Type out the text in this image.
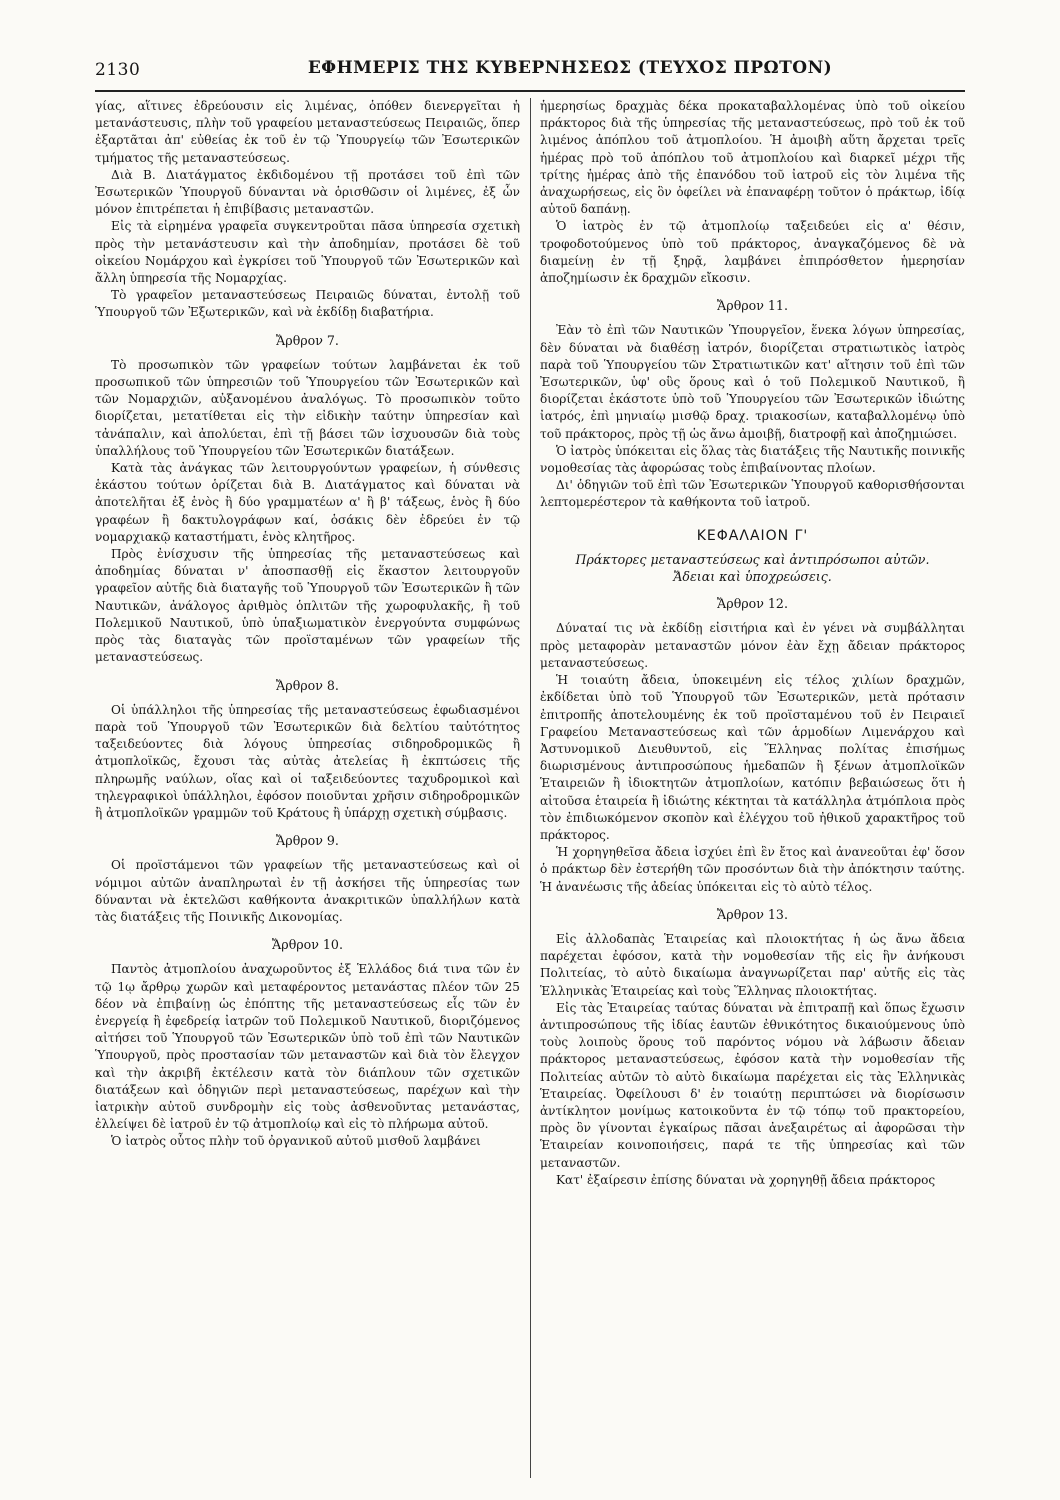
2130	ΕΦΗΜΕΡΙΣ ΤΗΣ ΚΥΒΕΡΝΗΣΕΩΣ (ΤΕΥΧΟΣ ΠΡΩΤΟΝ)

γίας, αἵτινες ἐδρεύουσιν εἰς λιμένας, ὁπόθεν διενεργεῖται ἡ μετανάστευσις, πλὴν τοῦ γραφείου μεταναστεύσεως Πειραιῶς, ὅπερ ἐξαρτᾶται ἀπ' εὐθείας ἐκ τοῦ ἐν τῷ Ὑπουργείῳ τῶν Ἐσωτερικῶν τμήματος τῆς μεταναστεύσεως.

Διὰ Β. Διατάγματος ἐκδιδομένου τῇ προτάσει τοῦ ἐπὶ τῶν Ἐσωτερικῶν Ὑπουργοῦ δύνανται νὰ ὁρισθῶσιν οἱ λιμένες, ἐξ ὧν μόνον ἐπιτρέπεται ἡ ἐπιβίβασις μεταναστῶν.

Εἰς τὰ εἰρημένα γραφεῖα συγκεντροῦται πᾶσα ὑπηρεσία σχετικὴ πρὸς τὴν μετανάστευσιν καὶ τὴν ἀποδημίαν, προτάσει δὲ τοῦ οἰκείου Νομάρχου καὶ ἐγκρίσει τοῦ Ὑπουργοῦ τῶν Ἐσωτερικῶν καὶ ἄλλη ὑπηρεσία τῆς Νομαρχίας.

Τὸ γραφεῖον μεταναστεύσεως Πειραιῶς δύναται, ἐντολῇ τοῦ Ὑπουργοῦ τῶν Ἐξωτερικῶν, καὶ νὰ ἐκδίδῃ διαβατήρια.

Ἄρθρον 7.

Τὸ προσωπικὸν τῶν γραφείων τούτων λαμβάνεται ἐκ τοῦ προσωπικοῦ τῶν ὑπηρεσιῶν τοῦ Ὑπουργείου τῶν Ἐσωτερικῶν καὶ τῶν Νομαρχιῶν, αὐξανομένου ἀναλόγως. Τὸ προσωπικὸν τοῦτο διορίζεται, μετατίθεται εἰς τὴν εἰδικὴν ταύτην ὑπηρεσίαν καὶ τἀνάπαλιν, καὶ ἀπολύεται, ἐπὶ τῇ βάσει τῶν ἰσχυουσῶν διὰ τοὺς ὑπαλλήλους τοῦ Ὑπουργείου τῶν Ἐσωτερικῶν διατάξεων.

Κατὰ τὰς ἀνάγκας τῶν λειτουργούντων γραφείων, ἡ σύνθεσις ἑκάστου τούτων ὁρίζεται διὰ Β. Διατάγματος καὶ δύναται νὰ ἀποτελῆται ἐξ ἑνὸς ἢ δύο γραμματέων α' ἢ β' τάξεως, ἑνὸς ἢ δύο γραφέων ἢ δακτυλογράφων καί, ὁσάκις δὲν ἐδρεύει ἐν τῷ νομαρχιακῷ καταστήματι, ἑνὸς κλητῆρος.

Πρὸς ἐνίσχυσιν τῆς ὑπηρεσίας τῆς μεταναστεύσεως καὶ ἀποδημίας δύναται ν' ἀποσπασθῇ εἰς ἕκαστον λειτουργοῦν γραφεῖον αὐτῆς διὰ διαταγῆς τοῦ Ὑπουργοῦ τῶν Ἐσωτερικῶν ἢ τῶν Ναυτικῶν, ἀνάλογος ἀριθμὸς ὁπλιτῶν τῆς χωροφυλακῆς, ἢ τοῦ Πολεμικοῦ Ναυτικοῦ, ὑπὸ ὑπαξιωματικὸν ἐνεργούντα συμφώνως πρὸς τὰς διαταγὰς τῶν προϊσταμένων τῶν γραφείων τῆς μεταναστεύσεως.

Ἄρθρον 8.

Οἱ ὑπάλληλοι τῆς ὑπηρεσίας τῆς μεταναστεύσεως ἐφωδιασμένοι παρὰ τοῦ Ὑπουργοῦ τῶν Ἐσωτερικῶν διὰ δελτίου ταὐτότητος ταξειδεύοντες διὰ λόγους ὑπηρεσίας σιδηροδρομικῶς ἢ ἀτμοπλοϊκῶς, ἔχουσι τὰς αὐτὰς ἀτελείας ἢ ἐκπτώσεις τῆς πληρωμῆς ναύλων, οἵας καὶ οἱ ταξειδεύοντες ταχυδρομικοὶ καὶ τηλεγραφικοὶ ὑπάλληλοι, ἐφόσον ποιοῦνται χρῆσιν σιδηροδρομικῶν ἢ ἀτμοπλοϊκῶν γραμμῶν τοῦ Κράτους ἢ ὑπάρχῃ σχετικὴ σύμβασις.

Ἄρθρον 9.

Οἱ προϊστάμενοι τῶν γραφείων τῆς μεταναστεύσεως καὶ οἱ νόμιμοι αὐτῶν ἀναπληρωταὶ ἐν τῇ ἀσκήσει τῆς ὑπηρεσίας των δύνανται νὰ ἐκτελῶσι καθήκοντα ἀνακριτικῶν ὑπαλλήλων κατὰ τὰς διατάξεις τῆς Ποινικῆς Δικονομίας.

Ἄρθρον 10.

Παντὸς ἀτμοπλοίου ἀναχωροῦντος ἐξ Ἑλλάδος διά τινα τῶν ἐν τῷ 1ῳ ἄρθρῳ χωρῶν καὶ μεταφέροντος μετανάστας πλέον τῶν 25 δέον νὰ ἐπιβαίνῃ ὡς ἐπόπτης τῆς μεταναστεύσεως εἷς τῶν ἐν ἐνεργείᾳ ἢ ἐφεδρείᾳ ἰατρῶν τοῦ Πολεμικοῦ Ναυτικοῦ, διοριζόμενος αἰτήσει τοῦ Ὑπουργοῦ τῶν Ἐσωτερικῶν ὑπὸ τοῦ ἐπὶ τῶν Ναυτικῶν Ὑπουργοῦ, πρὸς προστασίαν τῶν μεταναστῶν καὶ διὰ τὸν ἔλεγχον καὶ τὴν ἀκριβῆ ἐκτέλεσιν κατὰ τὸν διάπλουν τῶν σχετικῶν διατάξεων καὶ ὁδηγιῶν περὶ μεταναστεύσεως, παρέχων καὶ τὴν ἰατρικὴν αὐτοῦ συνδρομὴν εἰς τοὺς ἀσθενοῦντας μετανάστας, ἐλλείψει δὲ ἰατροῦ ἐν τῷ ἀτμοπλοίῳ καὶ εἰς τὸ πλήρωμα αὐτοῦ.

Ὁ ἰατρὸς οὗτος πλὴν τοῦ ὀργανικοῦ αὐτοῦ μισθοῦ λαμβάνει

ἡμερησίως δραχμὰς δέκα προκαταβαλλομένας ὑπὸ τοῦ οἰκείου πράκτορος διὰ τῆς ὑπηρεσίας τῆς μεταναστεύσεως, πρὸ τοῦ ἐκ τοῦ λιμένος ἀπόπλου τοῦ ἀτμοπλοίου. Ἡ ἀμοιβὴ αὕτη ἄρχεται τρεῖς ἡμέρας πρὸ τοῦ ἀπόπλου τοῦ ἀτμοπλοίου καὶ διαρκεῖ μέχρι τῆς τρίτης ἡμέρας ἀπὸ τῆς ἐπανόδου τοῦ ἰατροῦ εἰς τὸν λιμένα τῆς ἀναχωρήσεως, εἰς ὃν ὀφείλει νὰ ἐπαναφέρῃ τοῦτον ὁ πράκτωρ, ἰδίᾳ αὐτοῦ δαπάνῃ.

Ὁ ἰατρὸς ἐν τῷ ἀτμοπλοίῳ ταξειδεύει εἰς α' θέσιν, τροφοδοτούμενος ὑπὸ τοῦ πράκτορος, ἀναγκαζόμενος δὲ νὰ διαμείνῃ ἐν τῇ ξηρᾷ, λαμβάνει ἐπιπρόσθετον ἡμερησίαν ἀποζημίωσιν ἐκ δραχμῶν εἴκοσιν.

Ἄρθρον 11.

Ἐὰν τὸ ἐπὶ τῶν Ναυτικῶν Ὑπουργεῖον, ἕνεκα λόγων ὑπηρεσίας, δὲν δύναται νὰ διαθέσῃ ἰατρόν, διορίζεται στρατιωτικὸς ἰατρὸς παρὰ τοῦ Ὑπουργείου τῶν Στρατιωτικῶν κατ' αἴτησιν τοῦ ἐπὶ τῶν Ἐσωτερικῶν, ὑφ' οὓς ὅρους καὶ ὁ τοῦ Πολεμικοῦ Ναυτικοῦ, ἢ διορίζεται ἑκάστοτε ὑπὸ τοῦ Ὑπουργείου τῶν Ἐσωτερικῶν ἰδιώτης ἰατρός, ἐπὶ μηνιαίῳ μισθῷ δραχ. τριακοσίων, καταβαλλομένῳ ὑπὸ τοῦ πράκτορος, πρὸς τῇ ὡς ἄνω ἀμοιβῇ, διατροφῇ καὶ ἀποζημιώσει.

Ὁ ἰατρὸς ὑπόκειται εἰς ὅλας τὰς διατάξεις τῆς Ναυτικῆς ποινικῆς νομοθεσίας τὰς ἀφορώσας τοὺς ἐπιβαίνοντας πλοίων.

Δι' ὁδηγιῶν τοῦ ἐπὶ τῶν Ἐσωτερικῶν Ὑπουργοῦ καθορισθήσονται λεπτομερέστερον τὰ καθήκοντα τοῦ ἰατροῦ.

ΚΕΦΑΛΑΙΟΝ Γ'
Πράκτορες μεταναστεύσεως καὶ ἀντιπρόσωποι αὐτῶν.
Ἄδειαι καὶ ὑποχρεώσεις.
Ἄρθρον 12.

Δύναταί τις νὰ ἐκδίδῃ εἰσιτήρια καὶ ἐν γένει νὰ συμβάλληται πρὸς μεταφορὰν μεταναστῶν μόνον ἐὰν ἔχῃ ἄδειαν πράκτορος μεταναστεύσεως.

Ἡ τοιαύτη ἄδεια, ὑποκειμένη εἰς τέλος χιλίων δραχμῶν, ἐκδίδεται ὑπὸ τοῦ Ὑπουργοῦ τῶν Ἐσωτερικῶν, μετὰ πρότασιν ἐπιτροπῆς ἀποτελουμένης ἐκ τοῦ προϊσταμένου τοῦ ἐν Πειραιεῖ Γραφείου Μεταναστεύσεως καὶ τῶν ἁρμοδίων Λιμενάρχου καὶ Ἀστυνομικοῦ Διευθυντοῦ, εἰς Ἕλληνας πολίτας ἐπισήμως διωρισμένους ἀντιπροσώπους ἡμεδαπῶν ἢ ξένων ἀτμοπλοϊκῶν Ἑταιρειῶν ἢ ἰδιοκτητῶν ἀτμοπλοίων, κατόπιν βεβαιώσεως ὅτι ἡ αἰτοῦσα ἑταιρεία ἢ ἰδιώτης κέκτηται τὰ κατάλληλα ἀτμόπλοια πρὸς τὸν ἐπιδιωκόμενον σκοπὸν καὶ ἐλέγχου τοῦ ἠθικοῦ χαρακτῆρος τοῦ πράκτορος.

Ἡ χορηγηθεῖσα ἄδεια ἰσχύει ἐπὶ ἓν ἔτος καὶ ἀνανεοῦται ἐφ' ὅσον ὁ πράκτωρ δὲν ἐστερήθη τῶν προσόντων διὰ τὴν ἀπόκτησιν ταύτης. Ἡ ἀνανέωσις τῆς ἀδείας ὑπόκειται εἰς τὸ αὐτὸ τέλος.

Ἄρθρον 13.

Εἰς ἀλλοδαπὰς Ἑταιρείας καὶ πλοιοκτήτας ἡ ὡς ἄνω ἄδεια παρέχεται ἐφόσον, κατὰ τὴν νομοθεσίαν τῆς εἰς ἣν ἀνήκουσι Πολιτείας, τὸ αὐτὸ δικαίωμα ἀναγνωρίζεται παρ' αὐτῆς εἰς τὰς Ἑλληνικὰς Ἑταιρείας καὶ τοὺς Ἕλληνας πλοιοκτήτας.

Εἰς τὰς Ἑταιρείας ταύτας δύναται νὰ ἐπιτραπῇ καὶ ὅπως ἔχωσιν ἀντιπροσώπους τῆς ἰδίας ἑαυτῶν ἐθνικότητος δικαιούμενους ὑπὸ τοὺς λοιποὺς ὅρους τοῦ παρόντος νόμου νὰ λάβωσιν ἄδειαν πράκτορος μεταναστεύσεως, ἐφόσον κατὰ τὴν νομοθεσίαν τῆς Πολιτείας αὐτῶν τὸ αὐτὸ δικαίωμα παρέχεται εἰς τὰς Ἑλληνικὰς Ἑταιρείας. Ὀφείλουσι δ' ἐν τοιαύτῃ περιπτώσει νὰ διορίσωσιν ἀντίκλητον μονίμως κατοικοῦντα ἐν τῷ τόπῳ τοῦ πρακτορείου, πρὸς ὃν γίνονται ἐγκαίρως πᾶσαι ἀνεξαιρέτως αἱ ἀφορῶσαι τὴν Ἑταιρείαν κοινοποιήσεις, παρά τε τῆς ὑπηρεσίας καὶ τῶν μεταναστῶν.

Κατ' ἐξαίρεσιν ἐπίσης δύναται νὰ χορηγηθῇ ἄδεια πράκτορος
